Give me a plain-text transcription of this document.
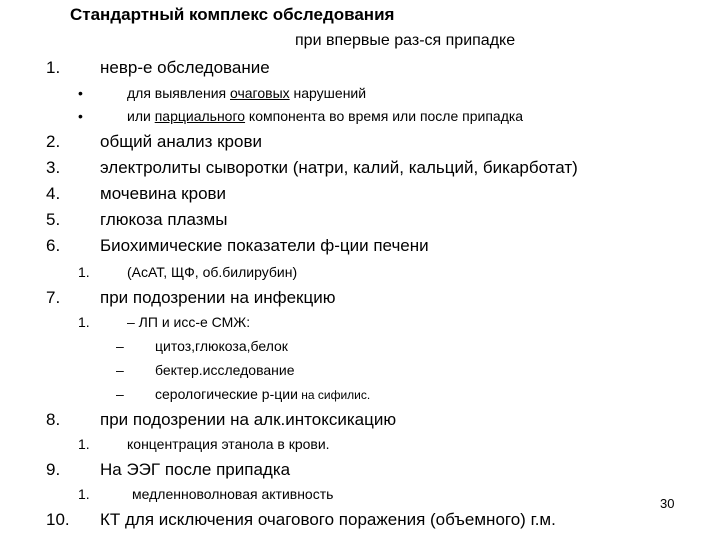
Стандартный комплекс обследования
при впервые раз-ся припадке
1. невр-е обследование
•	для выявления очаговых нарушений
•	или парциального компонента во время или после припадка
2. общий анализ крови
3. электролиты сыворотки (натри, калий, кальций, бикарботат)
4. мочевина крови
5. глюкоза плазмы
6. Биохимические показатели ф-ции печени
1.	(АсАТ, ЩФ, об.билирубин)
7. при подозрении на инфекцию
1.	– ЛП и исс-е СМЖ:
– цитоз,глюкоза,белок
– бектер.исследование
– серологические р-ции на сифилис.
8. при подозрении на алк.интоксикацию
1.	концентрация этанола в крови.
9. На ЭЭГ после припадка
1.	медленноволновая активность
10. КТ для исключения очагового поражения (объемного) г.м.
30
